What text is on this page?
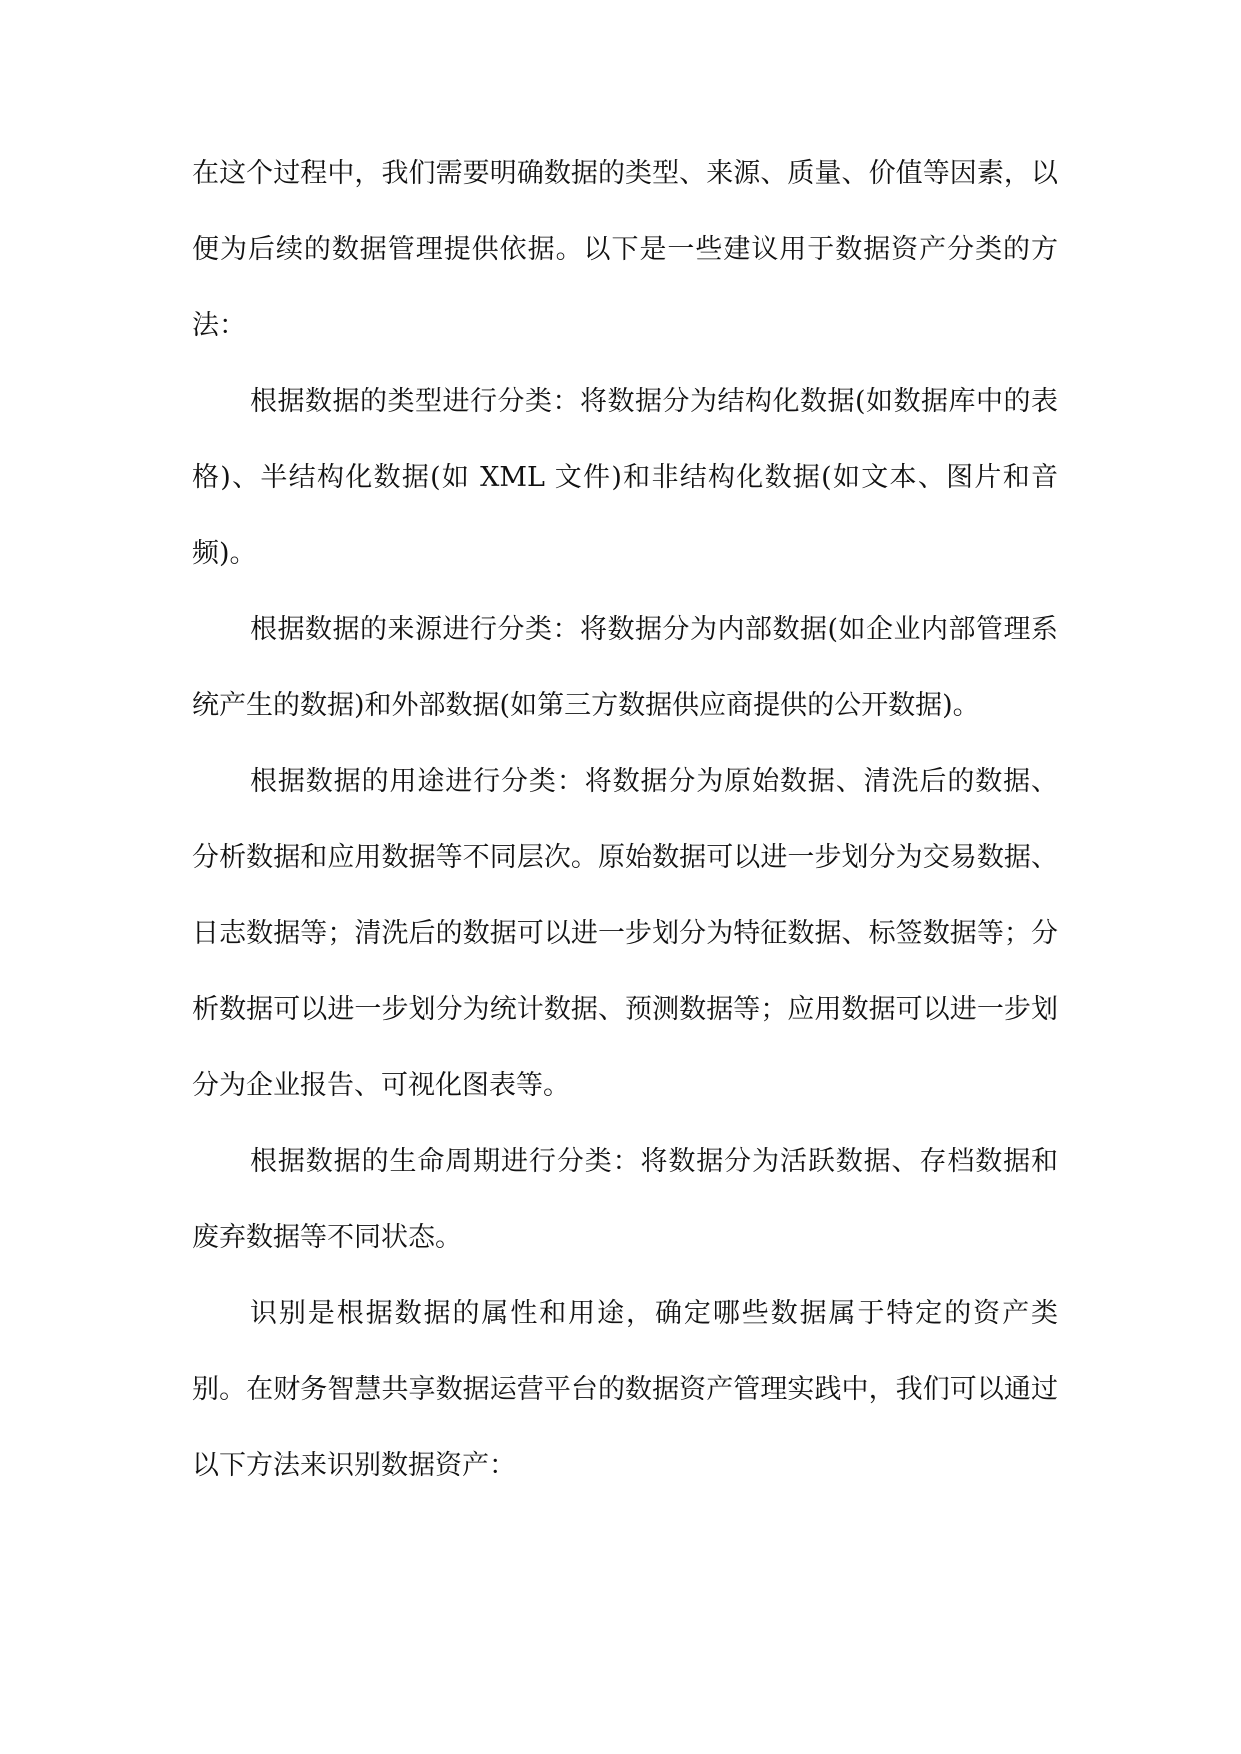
在这个过程中，我们需要明确数据的类型、来源、质量、价值等因素，以便为后续的数据管理提供依据。以下是一些建议用于数据资产分类的方法：

根据数据的类型进行分类：将数据分为结构化数据(如数据库中的表格)、半结构化数据(如 XML 文件)和非结构化数据(如文本、图片和音频)。

根据数据的来源进行分类：将数据分为内部数据(如企业内部管理系统产生的数据)和外部数据(如第三方数据供应商提供的公开数据)。

根据数据的用途进行分类：将数据分为原始数据、清洗后的数据、分析数据和应用数据等不同层次。原始数据可以进一步划分为交易数据、日志数据等；清洗后的数据可以进一步划分为特征数据、标签数据等；分析数据可以进一步划分为统计数据、预测数据等；应用数据可以进一步划分为企业报告、可视化图表等。

根据数据的生命周期进行分类：将数据分为活跃数据、存档数据和废弃数据等不同状态。

识别是根据数据的属性和用途，确定哪些数据属于特定的资产类别。在财务智慧共享数据运营平台的数据资产管理实践中，我们可以通过以下方法来识别数据资产：
